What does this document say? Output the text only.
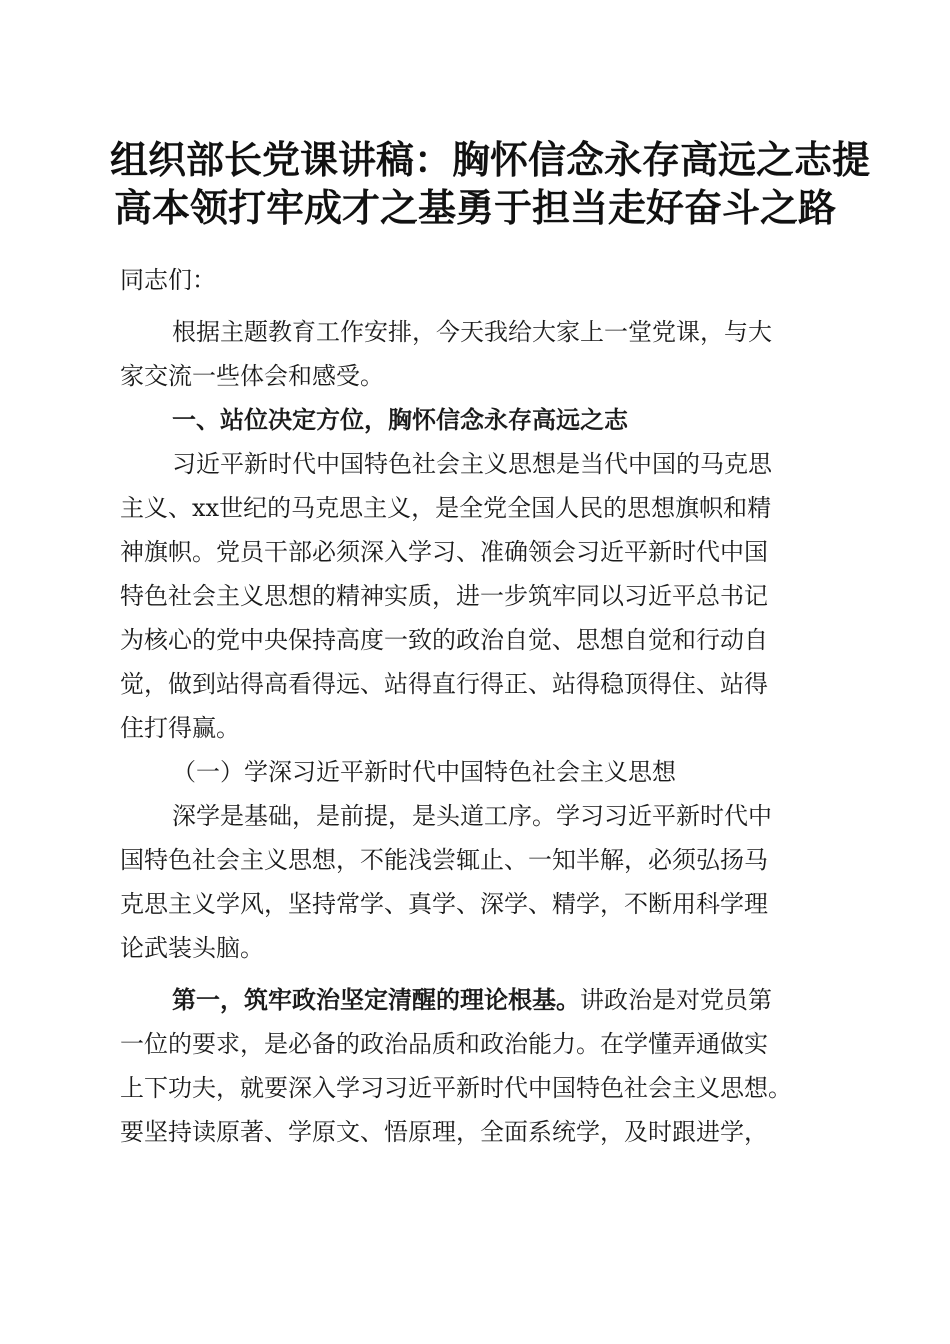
组织部长党课讲稿：胸怀信念永存高远之志提
高本领打牢成才之基勇于担当走好奋斗之路
同志们：
根据主题教育工作安排，今天我给大家上一堂党课，与大
家交流一些体会和感受。
一、站位决定方位，胸怀信念永存高远之志
习近平新时代中国特色社会主义思想是当代中国的马克思
主义、xx世纪的马克思主义，是全党全国人民的思想旗帜和精
神旗帜。党员干部必须深入学习、准确领会习近平新时代中国
特色社会主义思想的精神实质，进一步筑牢同以习近平总书记
为核心的党中央保持高度一致的政治自觉、思想自觉和行动自
觉，做到站得高看得远、站得直行得正、站得稳顶得住、站得
住打得赢。
（一）学深习近平新时代中国特色社会主义思想
深学是基础，是前提，是头道工序。学习习近平新时代中
国特色社会主义思想，不能浅尝辄止、一知半解，必须弘扬马
克思主义学风，坚持常学、真学、深学、精学，不断用科学理
论武装头脑。
第一，筑牢政治坚定清醒的理论根基。讲政治是对党员第
一位的要求，是必备的政治品质和政治能力。在学懂弄通做实
上下功夫，就要深入学习习近平新时代中国特色社会主义思想。
要坚持读原著、学原文、悟原理，全面系统学，及时跟进学，
